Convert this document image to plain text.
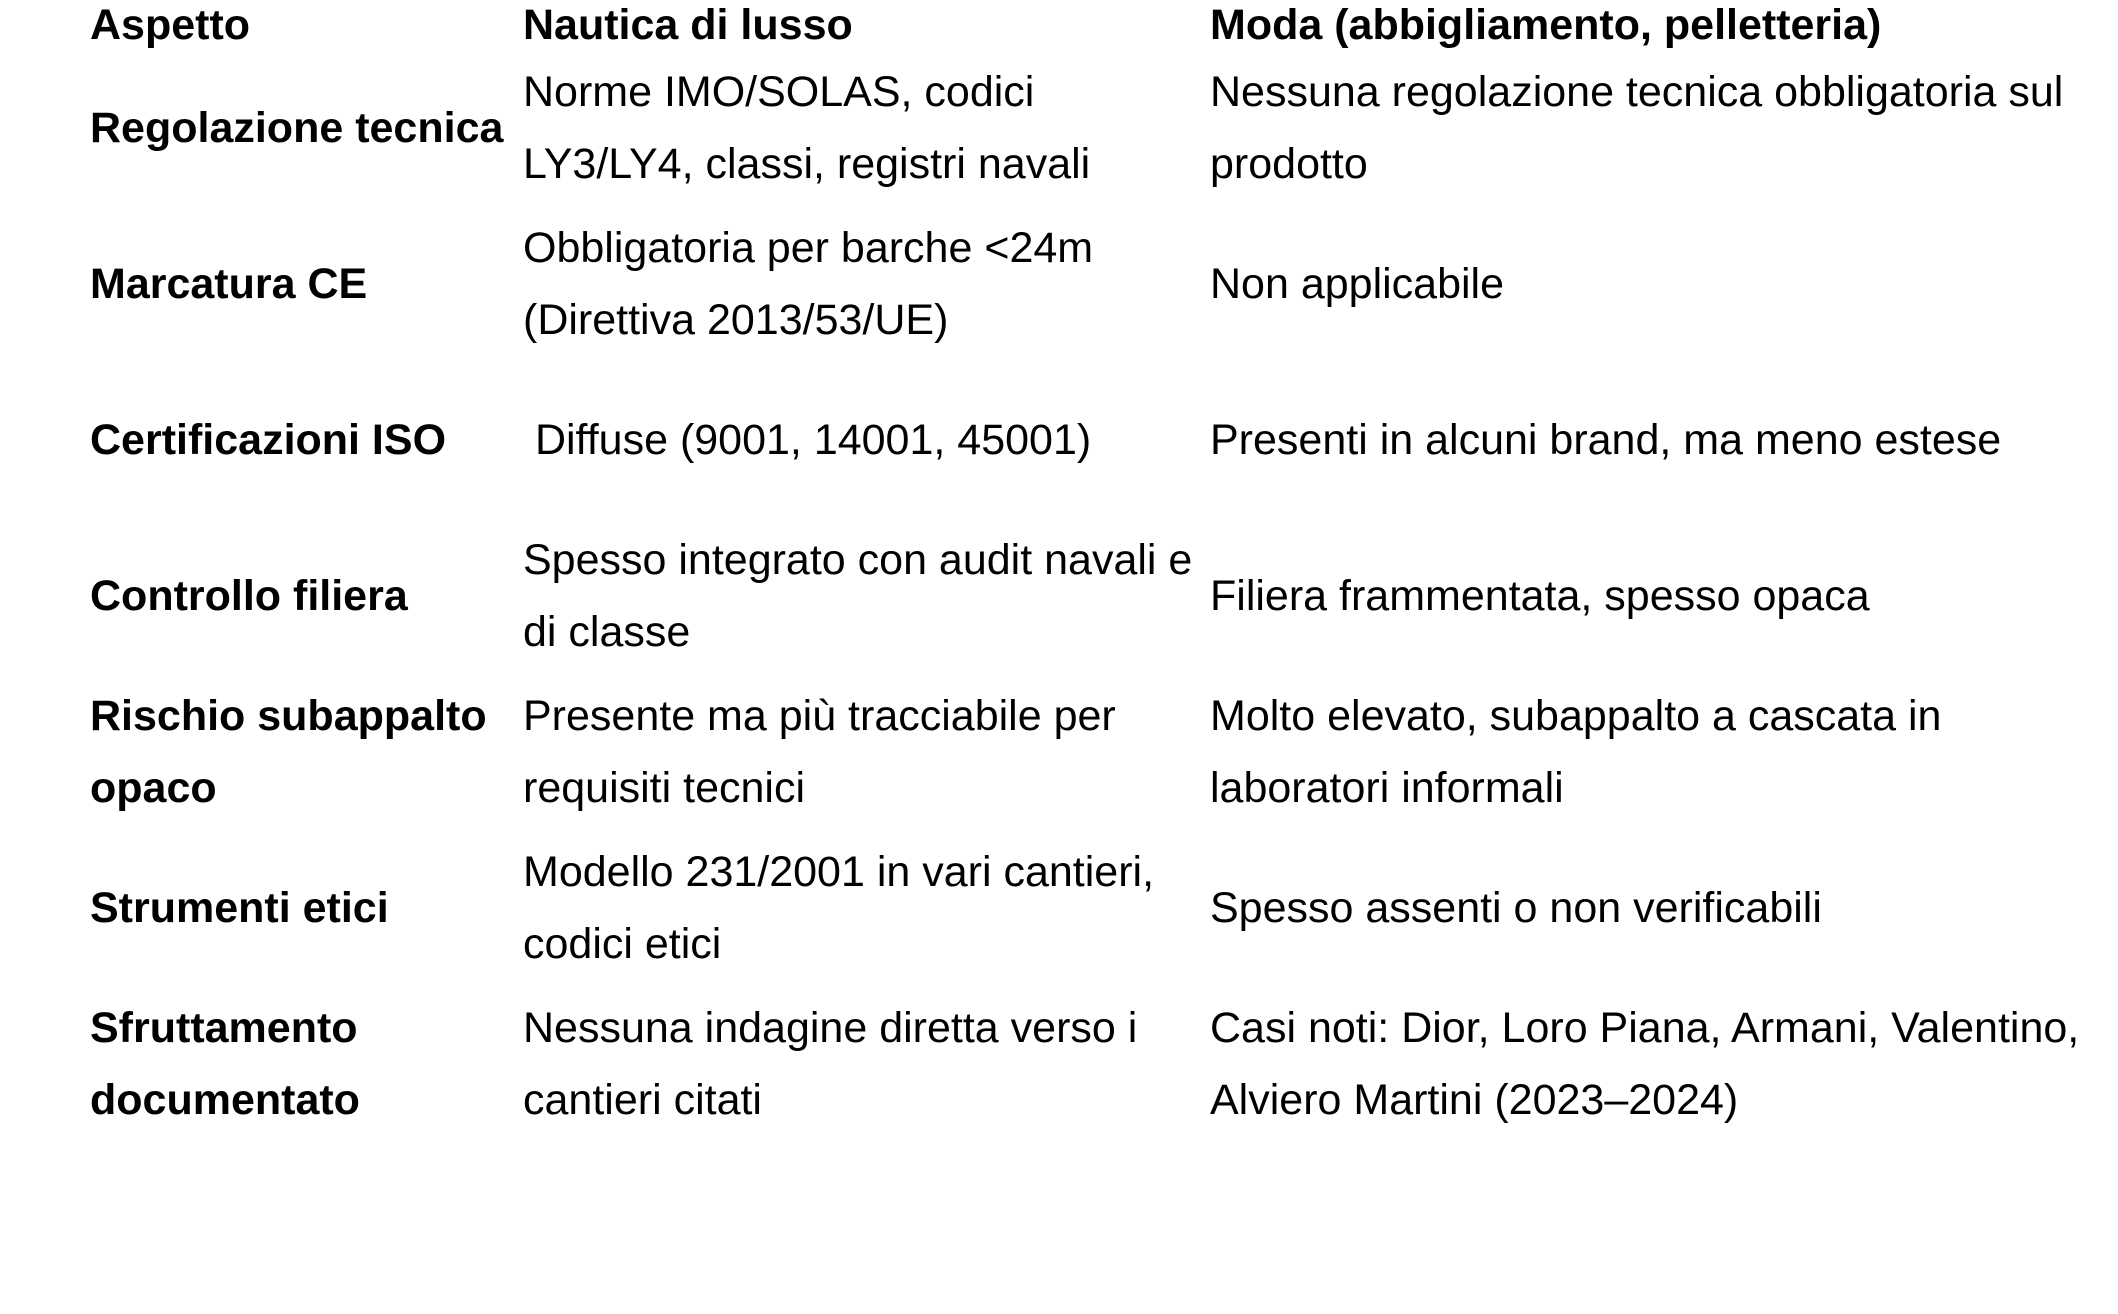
Aspetto	Nautica di lusso	Moda (abbigliamento, pelletteria)
Regolazione tecnica	Norme IMO/SOLAS, codici LY3/LY4, classi, registri navali	Nessuna regolazione tecnica obbligatoria sul prodotto
Marcatura CE	Obbligatoria per barche <24m (Direttiva 2013/53/UE)	Non applicabile
Certificazioni ISO	Diffuse (9001, 14001, 45001)	Presenti in alcuni brand, ma meno estese
Controllo filiera	Spesso integrato con audit navali e di classe	Filiera frammentata, spesso opaca
Rischio subappalto opaco	Presente ma più tracciabile per requisiti tecnici	Molto elevato, subappalto a cascata in laboratori informali
Strumenti etici	Modello 231/2001 in vari cantieri, codici etici	Spesso assenti o non verificabili
Sfruttamento documentato	Nessuna indagine diretta verso i cantieri citati	Casi noti: Dior, Loro Piana, Armani, Valentino, Alviero Martini (2023–2024)
